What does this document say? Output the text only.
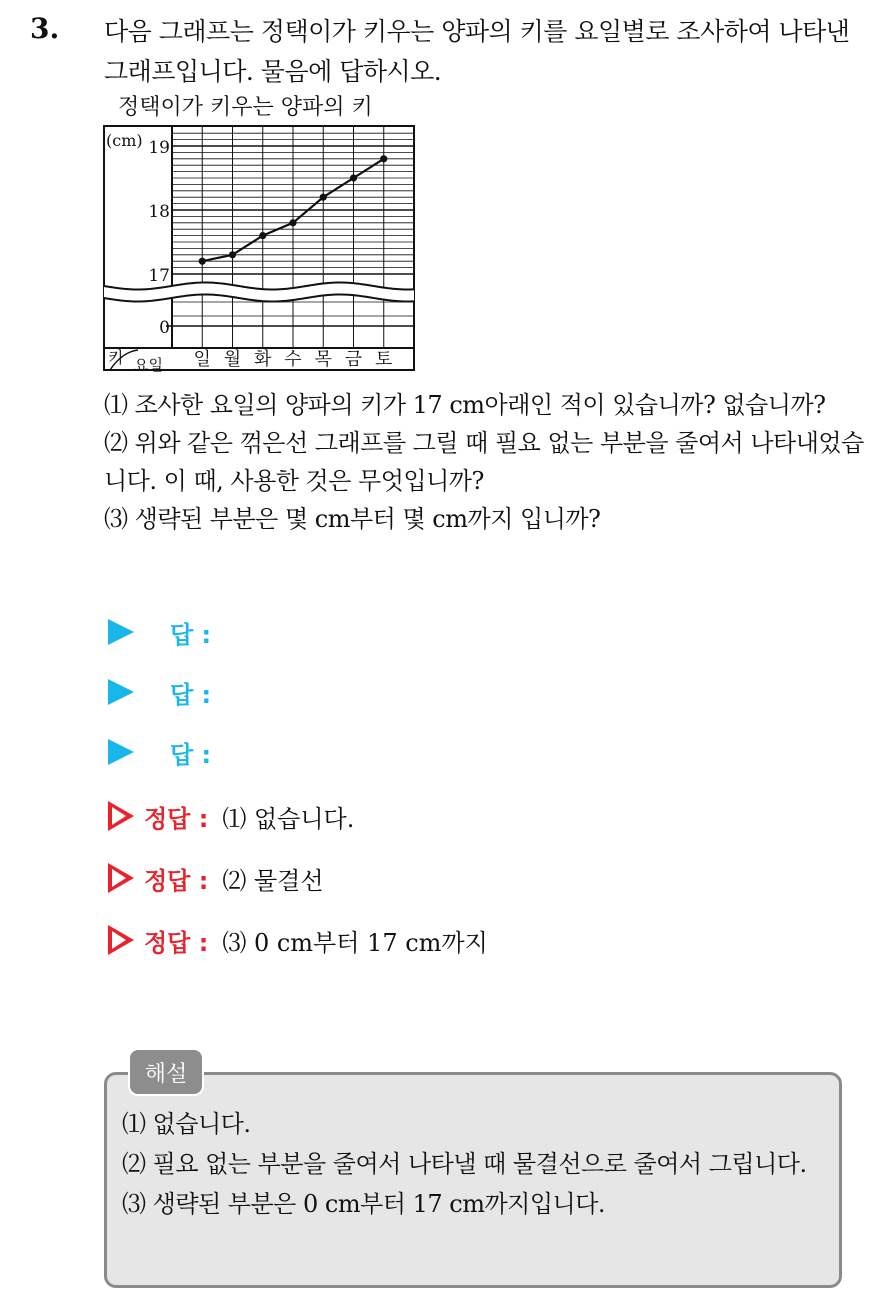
3. 다음 그래프는 정택이가 키우는 양파의 키를 요일별로 조사하여 나타낸 그래프입니다. 물음에 답하시오.
정택이가 키우는 양파의 키
19
18
17
0
(cm)
일 월 화 수 목 금 토
키 요일

⑴ 조사한 요일의 양파의 키가 17 cm아래인 적이 있습니까? 없습니까?

⑵ 위와 같은 꺾은선 그래프를 그릴 때 필요 없는 부분을 줄여서 나타내었습니다. 이 때, 사용한 것은 무엇입니까?

⑶ 생략된 부분은 몇 cm부터 몇 cm까지 입니까?

답 :
답 :
답 :
정답 : ⑴ 없습니다.
정답 : ⑵ 물결선
정답 : ⑶ 0 cm부터 17 cm까지
해설

⑴ 없습니다.

⑵ 필요 없는 부분을 줄여서 나타낼 때 물결선으로 줄여서 그립니다.

⑶ 생략된 부분은 0 cm부터 17 cm까지입니다.
